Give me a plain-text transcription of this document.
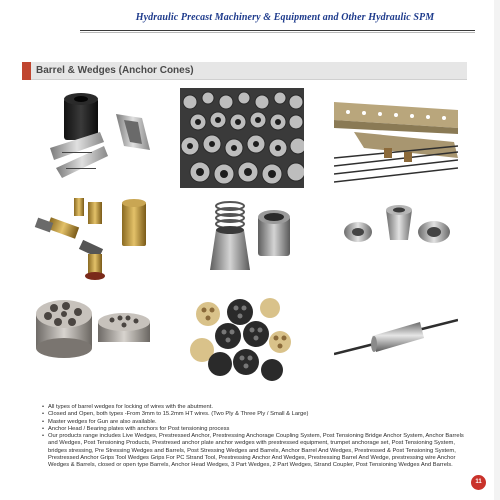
Hydraulic Precast Machinery & Equipment and Other Hydraulic SPM
Barrel & Wedges (Anchor Cones)
• All types of barrel wedges for locking of wires with the abutment.
• Closed and Open, both types -From 3mm to 15.2mm HT wires. (Two Ply & Three Ply / Small & Large)
• Master wedges for Gun are also available.
• Anchor Head / Bearing plates with anchors for Post tensioning process
• Our products range includes Live Wedges, Prestressed Anchor, Prestressing Anchorage Coupling System, Post Tensioning Bridge Anchor System, Anchor Barrels and Wedges, Post Tensioning Products, Prestresed anchor plate anchor wedges with prestressed equipment, trumpet anchorage set, Post Tensioning System, bridges stressing, Pre Stressing Wedges and Barrels, Post Stressing Wedges and Barrels, Anchor Barrel And Wedges, Prestressed & Post Tensioning System, Prestressed Anchor Grips Tool Wedges Grips For PC Strand Tool, Prestressing Anchor And Wedges, Prestressing Barrel And Wedge, prestressing wire Anchor Wedges & Barrels, closed or open type Barrels, Anchor Head Wedges, 3 Part Wedges, 2 Part Wedges, Strand Coupler, Post Tensioning Wedges And Barrels.
11
